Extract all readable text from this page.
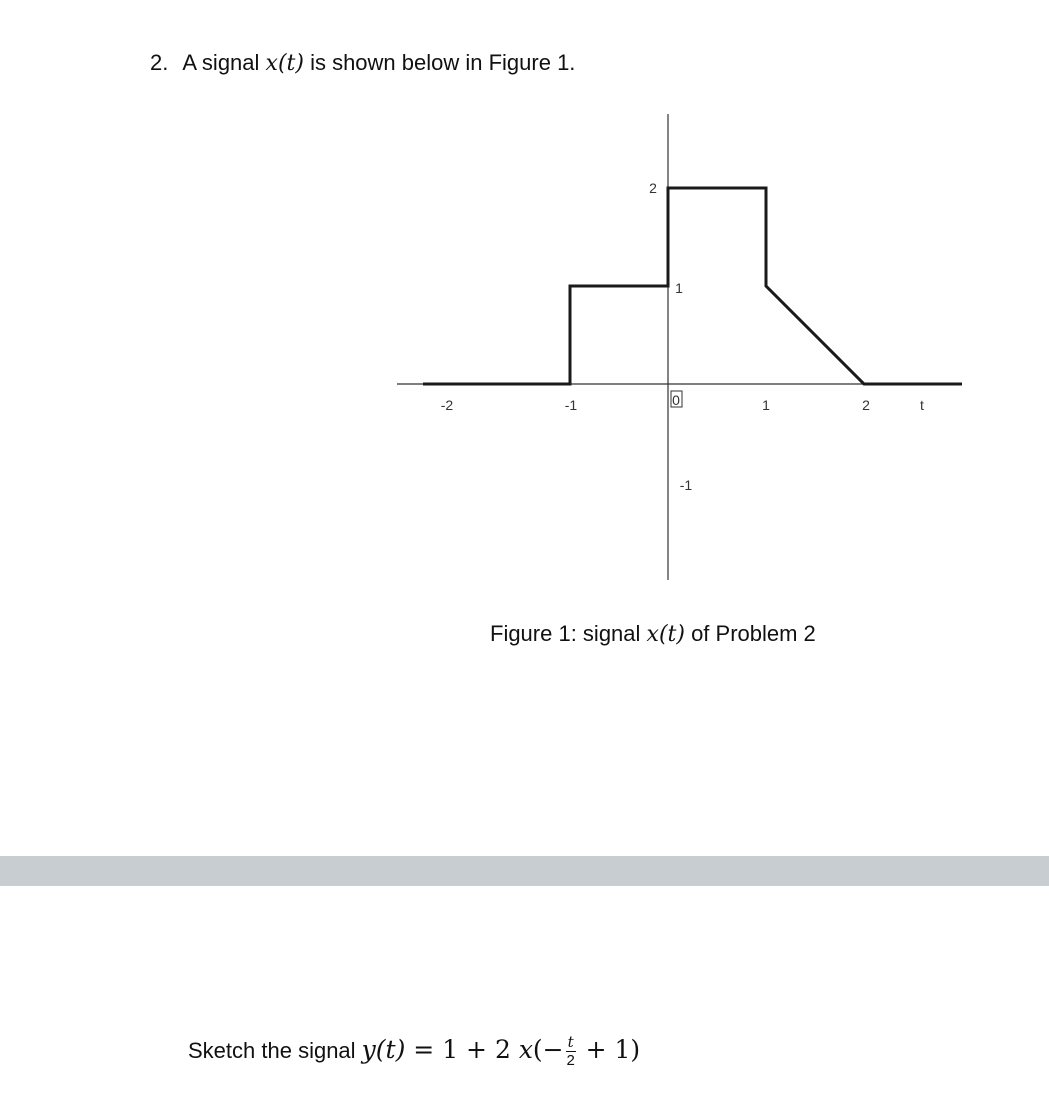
2. A signal x(t) is shown below in Figure 1.
-2	-1	0	1	2	t
2
1
-1
Figure 1: signal x(t) of Problem 2
Sketch the signal y(t) = 1 + 2 $x(- \frac{t}{2} + 1)$
